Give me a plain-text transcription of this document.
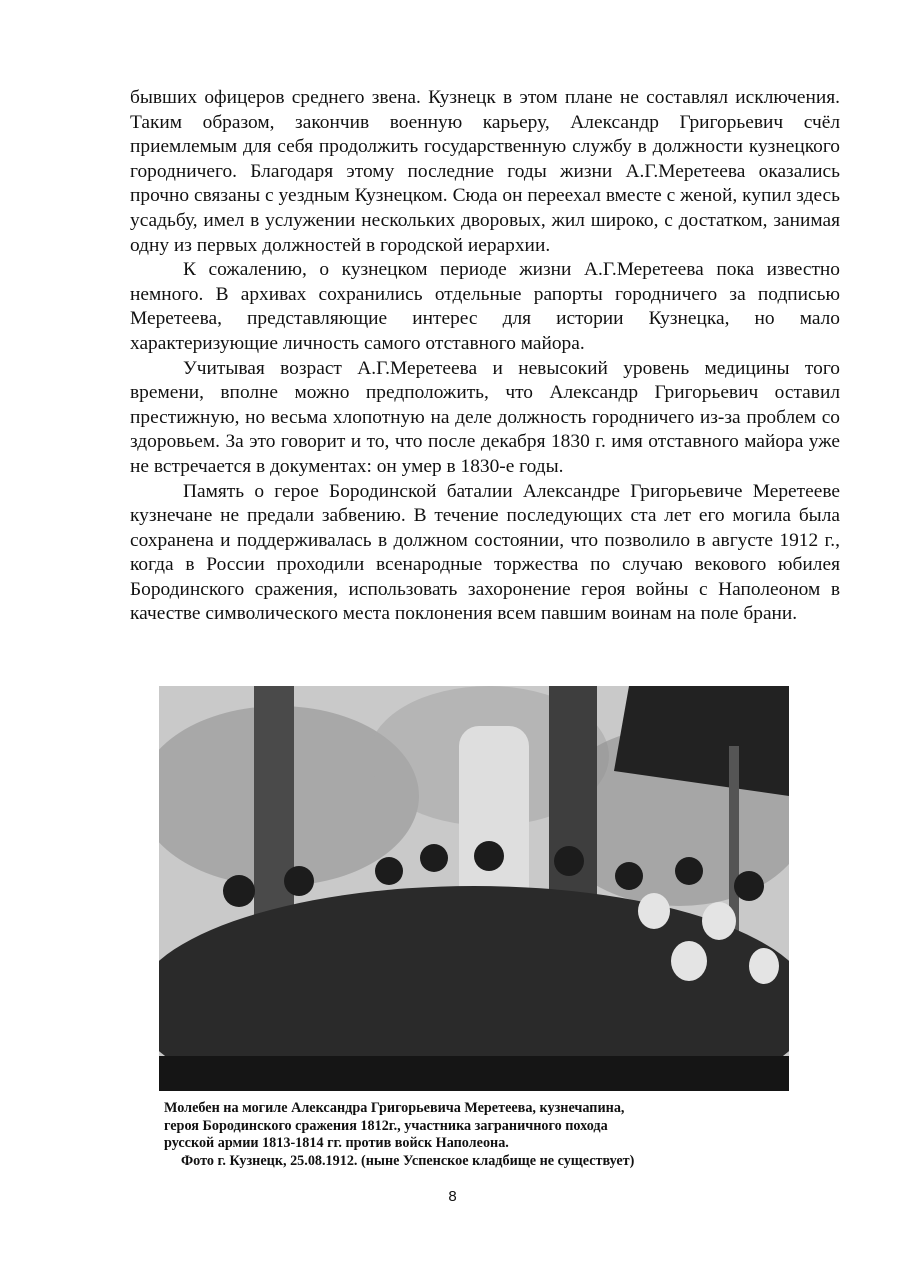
бывших офицеров среднего звена. Кузнецк в этом плане не составлял исключения. Таким образом, закончив военную карьеру, Александр Григорьевич счёл приемлемым для себя продолжить государственную службу в должности кузнецкого городничего. Благодаря этому последние годы жизни А.Г.Меретеева оказались прочно связаны с уездным Кузнецком. Сюда он переехал вместе с женой, купил здесь усадьбу, имел в услужении нескольких дворовых, жил широко, с достатком, занимая одну из первых должностей в городской иерархии.

К сожалению, о кузнецком периоде жизни А.Г.Меретеева пока известно немного. В архивах сохранились отдельные рапорты городничего за подписью Меретеева, представляющие интерес для истории Кузнецка, но мало характеризующие личность самого отставного майора.

Учитывая возраст А.Г.Меретеева и невысокий уровень медицины того времени, вполне можно предположить, что Александр Григорьевич оставил престижную, но весьма хлопотную на деле должность городничего из-за проблем со здоровьем. За это говорит и то, что после декабря 1830 г. имя отставного майора уже не встречается в документах: он умер в 1830-е годы.

Память о герое Бородинской баталии Александре Григорьевиче Меретееве кузнечане не предали забвению. В течение последующих ста лет его могила была сохранена и поддерживалась в должном состоянии, что позволило в августе 1912 г., когда в России проходили всенародные торжества по случаю векового юбилея Бородинского сражения, использовать захоронение героя войны с Наполеоном в качестве символического места поклонения всем павшим воинам на поле брани.

Молебен на могиле Александра Григорьевича Меретеева, кузнечапина,
героя Бородинского сражения 1812г., участника заграничного похода
русской армии 1813-1814 гг. против войск Наполеона.
Фото г. Кузнецк, 25.08.1912. (ныне Успенское кладбище не существует)
8
